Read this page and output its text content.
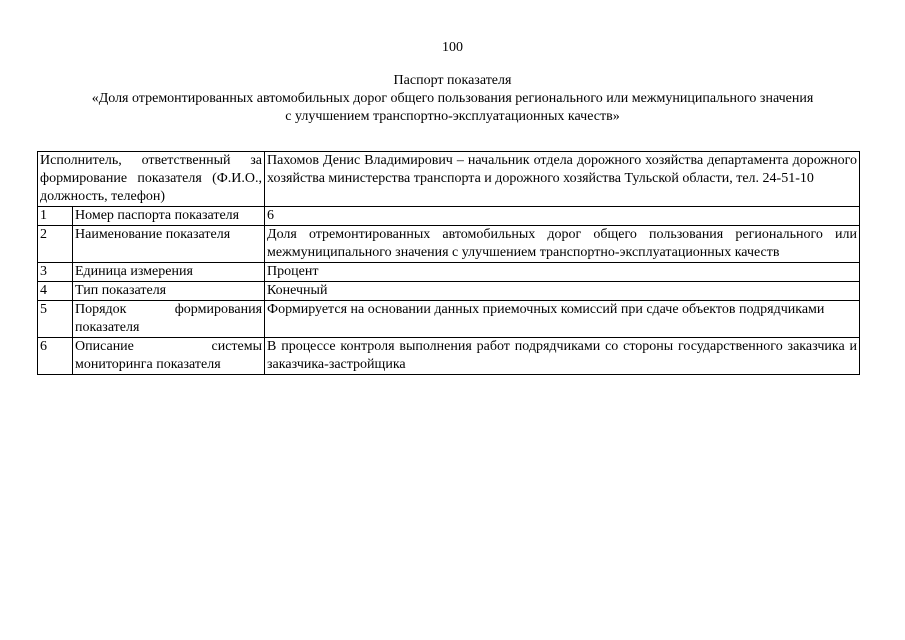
100
Паспорт показателя
«Доля отремонтированных автомобильных дорог общего пользования регионального или межмуниципального значения
с улучшением транспортно-эксплуатационных качеств»
Исполнитель, ответственный за формирование показателя (Ф.И.О., должность, телефон)		Пахомов Денис Владимирович – начальник отдела дорожного хозяйства департамента дорожного хозяйства министерства транспорта и дорожного хозяйства Тульской области, тел. 24-51-10
1	Номер паспорта показателя	6
2	Наименование показателя	Доля отремонтированных автомобильных дорог общего пользования регионального или межмуниципального значения с улучшением транспортно-эксплуатационных качеств
3	Единица измерения	Процент
4	Тип показателя	Конечный
5	Порядок формирования показателя	Формируется на основании данных приемочных комиссий при сдаче объектов подрядчиками
6	Описание системы мониторинга показателя	В процессе контроля выполнения работ подрядчиками со стороны государственного заказчика и заказчика-застройщика
